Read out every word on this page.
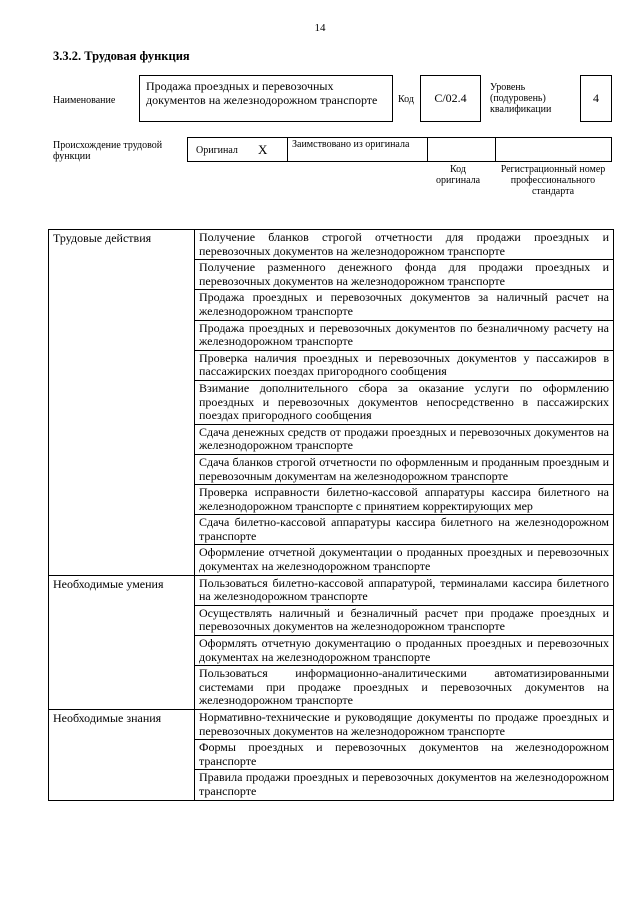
14
3.3.2. Трудовая функция
Наименование
Продажа проездных и перевозочных документов на железнодорожном транспорте	Код C/02.4
Уровень (подуровень) квалификации
4
Происхождение трудовой функции
Оригинал X Заимствовано из оригинала
Код оригинала
Регистрационный номер профессионального стандарта
Трудовые действия	Получение бланков строгой отчетности для продажи проездных и перевозочных документов на железнодорожном транспорте
	Получение разменного денежного фонда для продажи проездных и перевозочных документов на железнодорожном транспорте
	Продажа проездных и перевозочных документов за наличный расчет на железнодорожном транспорте
	Продажа проездных и перевозочных документов по безналичному расчету на железнодорожном транспорте
	Проверка наличия проездных и перевозочных документов у пассажиров в пассажирских поездах пригородного сообщения
	Взимание дополнительного сбора за оказание услуги по оформлению проездных и перевозочных документов непосредственно в пассажирских поездах пригородного сообщения
	Сдача денежных средств от продажи проездных и перевозочных документов на железнодорожном транспорте
	Сдача бланков строгой отчетности по оформленным и проданным проездным и перевозочным документам на железнодорожном транспорте
	Проверка исправности билетно-кассовой аппаратуры кассира билетного на железнодорожном транспорте с принятием корректирующих мер
	Сдача билетно-кассовой аппаратуры кассира билетного на железнодорожном транспорте
	Оформление отчетной документации о проданных проездных и перевозочных документах на железнодорожном транспорте
Необходимые умения	Пользоваться билетно-кассовой аппаратурой, терминалами кассира билетного на железнодорожном транспорте
	Осуществлять наличный и безналичный расчет при продаже проездных и перевозочных документов на железнодорожном транспорте
	Оформлять отчетную документацию о проданных проездных и перевозочных документах на железнодорожном транспорте
	Пользоваться информационно-аналитическими автоматизированными системами при продаже проездных и перевозочных документов на железнодорожном транспорте
Необходимые знания	Нормативно-технические и руководящие документы по продаже проездных и перевозочных документов на железнодорожном транспорте
	Формы проездных и перевозочных документов на железнодорожном транспорте
	Правила продажи проездных и перевозочных документов на железнодорожном транспорте
